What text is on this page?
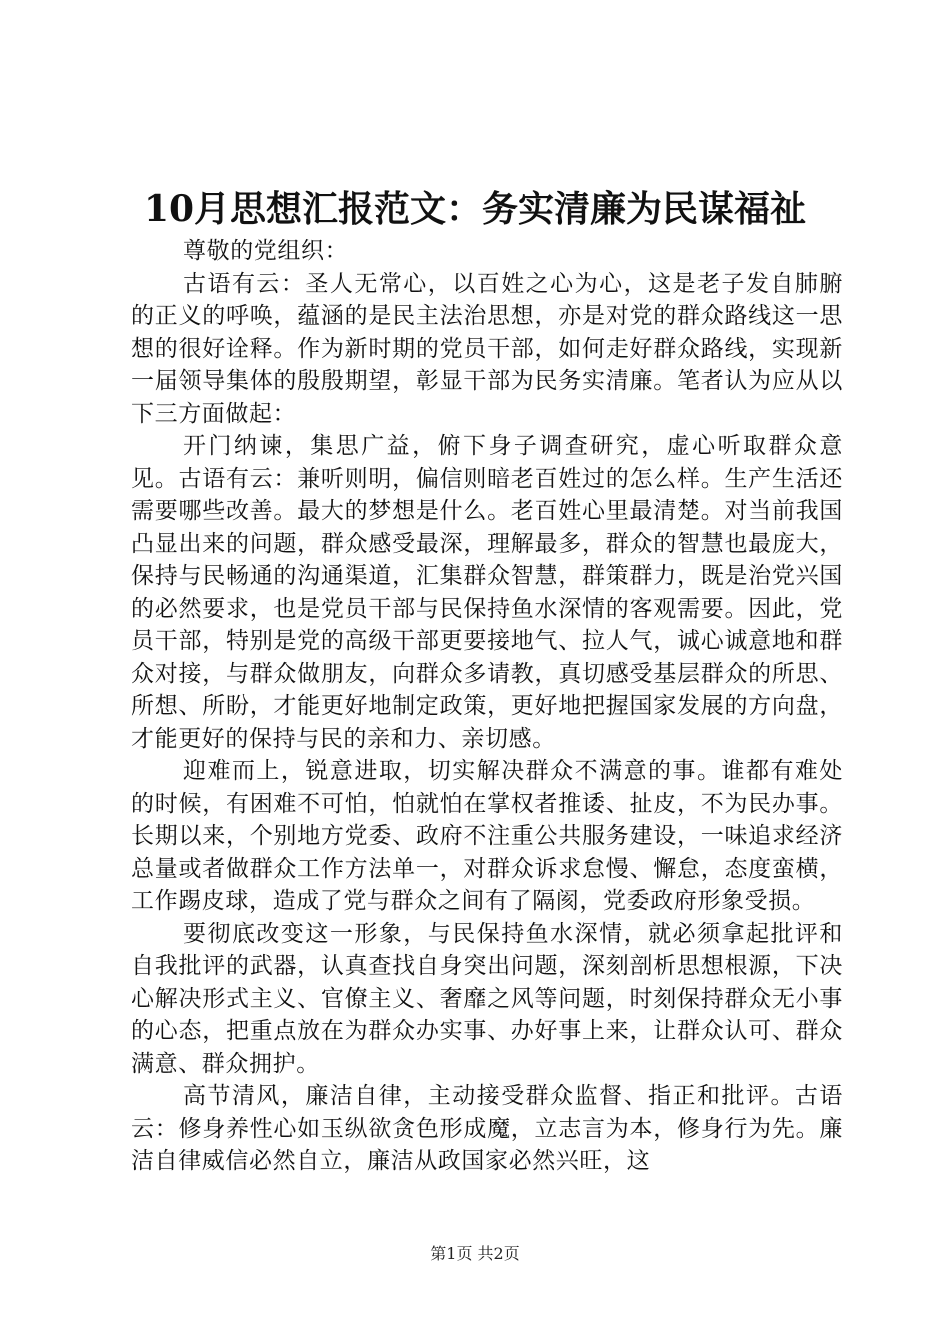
10月思想汇报范文：务实清廉为民谋福祉

尊敬的党组织：

古语有云：圣人无常心，以百姓之心为心，这是老子发自肺腑的正义的呼唤，蕴涵的是民主法治思想，亦是对党的群众路线这一思想的很好诠释。作为新时期的党员干部，如何走好群众路线，实现新一届领导集体的殷殷期望，彰显干部为民务实清廉。笔者认为应从以下三方面做起：

开门纳谏，集思广益，俯下身子调查研究，虚心听取群众意见。古语有云：兼听则明，偏信则暗老百姓过的怎么样。生产生活还需要哪些改善。最大的梦想是什么。老百姓心里最清楚。对当前我国凸显出来的问题，群众感受最深，理解最多，群众的智慧也最庞大，保持与民畅通的沟通渠道，汇集群众智慧，群策群力，既是治党兴国的必然要求，也是党员干部与民保持鱼水深情的客观需要。因此，党员干部，特别是党的高级干部更要接地气、拉人气，诚心诚意地和群众对接，与群众做朋友，向群众多请教，真切感受基层群众的所思、所想、所盼，才能更好地制定政策，更好地把握国家发展的方向盘，才能更好的保持与民的亲和力、亲切感。

迎难而上，锐意进取，切实解决群众不满意的事。谁都有难处的时候，有困难不可怕，怕就怕在掌权者推诿、扯皮，不为民办事。长期以来，个别地方党委、政府不注重公共服务建设，一味追求经济总量或者做群众工作方法单一，对群众诉求怠慢、懈怠，态度蛮横，工作踢皮球，造成了党与群众之间有了隔阂，党委政府形象受损。

要彻底改变这一形象，与民保持鱼水深情，就必须拿起批评和自我批评的武器，认真查找自身突出问题，深刻剖析思想根源，下决心解决形式主义、官僚主义、奢靡之风等问题，时刻保持群众无小事的心态，把重点放在为群众办实事、办好事上来，让群众认可、群众满意、群众拥护。

高节清风，廉洁自律，主动接受群众监督、指正和批评。古语云：修身养性心如玉纵欲贪色形成魔，立志言为本，修身行为先。廉洁自律威信必然自立，廉洁从政国家必然兴旺，这

第1页 共2页
